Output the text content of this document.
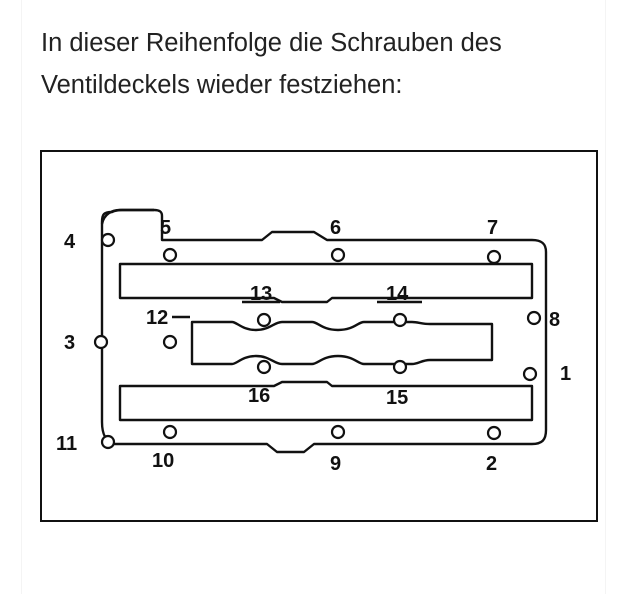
In dieser Reihenfolge die Schrauben des
Ventildeckels wieder festziehen:

1
2
3
4
5	6	7
8
9
10
11
12
13	14
15
16
